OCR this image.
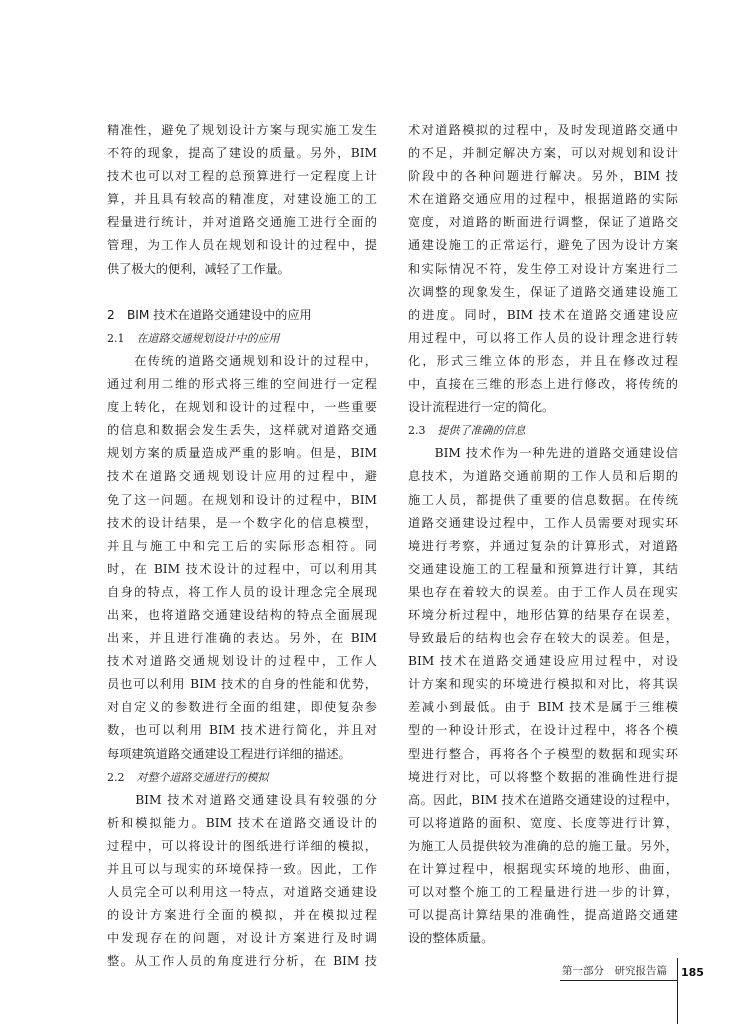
精准性，避免了规划设计方案与现实施工发生
不符的现象，提高了建设的质量。另外，BIM
技术也可以对工程的总预算进行一定程度上计
算，并且具有较高的精准度，对建设施工的工
程量进行统计，并对道路交通施工进行全面的
管理，为工作人员在规划和设计的过程中，提
供了极大的便利，减轻了工作量。
2　BIM 技术在道路交通建设中的应用
2.1 在道路交通规划设计中的应用
　　在传统的道路交通规划和设计的过程中，
通过利用二维的形式将三维的空间进行一定程
度上转化，在规划和设计的过程中，一些重要
的信息和数据会发生丢失，这样就对道路交通
规划方案的质量造成严重的影响。但是，BIM
技术在道路交通规划设计应用的过程中，避
免了这一问题。在规划和设计的过程中，BIM
技术的设计结果，是一个数字化的信息模型，
并且与施工中和完工后的实际形态相符。同
时，在 BIM 技术设计的过程中，可以利用其
自身的特点，将工作人员的设计理念完全展现
出来，也将道路交通建设结构的特点全面展现
出来，并且进行准确的表达。另外，在 BIM
技术对道路交通规划设计的过程中，工作人
员也可以利用 BIM 技术的自身的性能和优势，
对自定义的参数进行全面的组建，即使复杂参
数，也可以利用 BIM 技术进行简化，并且对
每项建筑道路交通建设工程进行详细的描述。
2.2 对整个道路交通进行的模拟
　　BIM 技术对道路交通建设具有较强的分
析和模拟能力。BIM 技术在道路交通设计的
过程中，可以将设计的图纸进行详细的模拟，
并且可以与现实的环境保持一致。因此，工作
人员完全可以利用这一特点，对道路交通建设
的设计方案进行全面的模拟，并在模拟过程
中发现存在的问题，对设计方案进行及时调
整。从工作人员的角度进行分析，在 BIM 技
术对道路模拟的过程中，及时发现道路交通中
的不足，并制定解决方案，可以对规划和设计
阶段中的各种问题进行解决。另外，BIM 技
术在道路交通应用的过程中，根据道路的实际
宽度，对道路的断面进行调整，保证了道路交
通建设施工的正常运行，避免了因为设计方案
和实际情况不符，发生停工对设计方案进行二
次调整的现象发生，保证了道路交通建设施工
的进度。同时，BIM 技术在道路交通建设应
用过程中，可以将工作人员的设计理念进行转
化，形式三维立体的形态，并且在修改过程
中，直接在三维的形态上进行修改，将传统的
设计流程进行一定的简化。
2.3 提供了准确的信息
　　BIM 技术作为一种先进的道路交通建设信
息技术，为道路交通前期的工作人员和后期的
施工人员，都提供了重要的信息数据。在传统
道路交通建设过程中，工作人员需要对现实环
境进行考察，并通过复杂的计算形式，对道路
交通建设施工的工程量和预算进行计算，其结
果也存在着较大的误差。由于工作人员在现实
环境分析过程中，地形估算的结果存在误差，
导致最后的结构也会存在较大的误差。但是，
BIM 技术在道路交通建设应用过程中，对设
计方案和现实的环境进行模拟和对比，将其误
差减小到最低。由于 BIM 技术是属于三维模
型的一种设计形式，在设计过程中，将各个模
型进行整合，再将各个子模型的数据和现实环
境进行对比，可以将整个数据的准确性进行提
高。因此，BIM 技术在道路交通建设的过程中，
可以将道路的面积、宽度、长度等进行计算，
为施工人员提供较为准确的总的施工量。另外，
在计算过程中，根据现实环境的地形、曲面，
可以对整个施工的工程量进行进一步的计算，
可以提高计算结果的准确性，提高道路交通建
设的整体质量。
第一部分　研究报告篇 185
